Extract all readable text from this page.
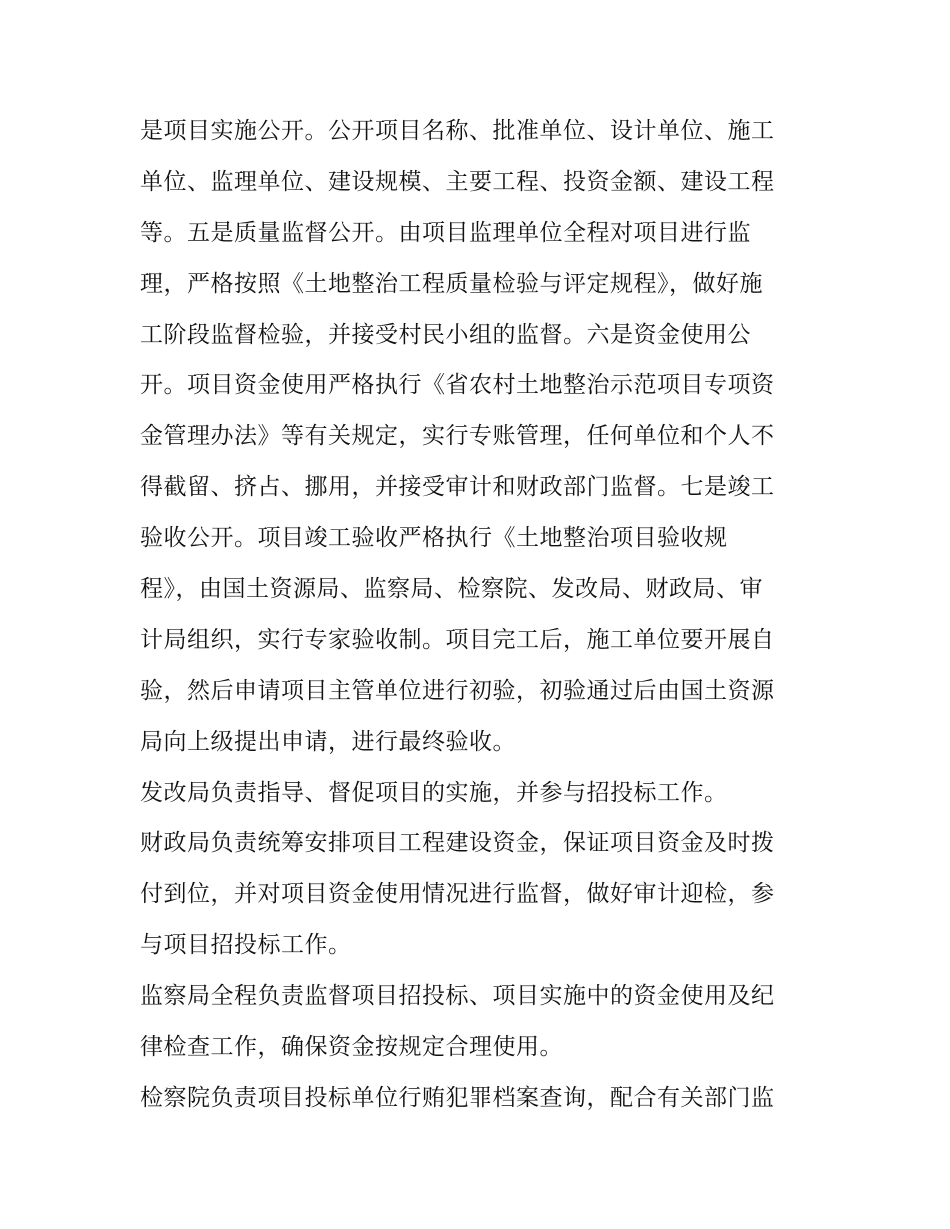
是项目实施公开。公开项目名称、批准单位、设计单位、施工
单位、监理单位、建设规模、主要工程、投资金额、建设工程
等。五是质量监督公开。由项目监理单位全程对项目进行监
理，严格按照《土地整治工程质量检验与评定规程》，做好施
工阶段监督检验，并接受村民小组的监督。六是资金使用公
开。项目资金使用严格执行《省农村土地整治示范项目专项资
金管理办法》等有关规定，实行专账管理，任何单位和个人不
得截留、挤占、挪用，并接受审计和财政部门监督。七是竣工
验收公开。项目竣工验收严格执行《土地整治项目验收规
程》，由国土资源局、监察局、检察院、发改局、财政局、审
计局组织，实行专家验收制。项目完工后，施工单位要开展自
验，然后申请项目主管单位进行初验，初验通过后由国土资源
局向上级提出申请，进行最终验收。
发改局负责指导、督促项目的实施，并参与招投标工作。
财政局负责统筹安排项目工程建设资金，保证项目资金及时拨
付到位，并对项目资金使用情况进行监督，做好审计迎检，参
与项目招投标工作。
监察局全程负责监督项目招投标、项目实施中的资金使用及纪
律检查工作，确保资金按规定合理使用。
检察院负责项目投标单位行贿犯罪档案查询，配合有关部门监
